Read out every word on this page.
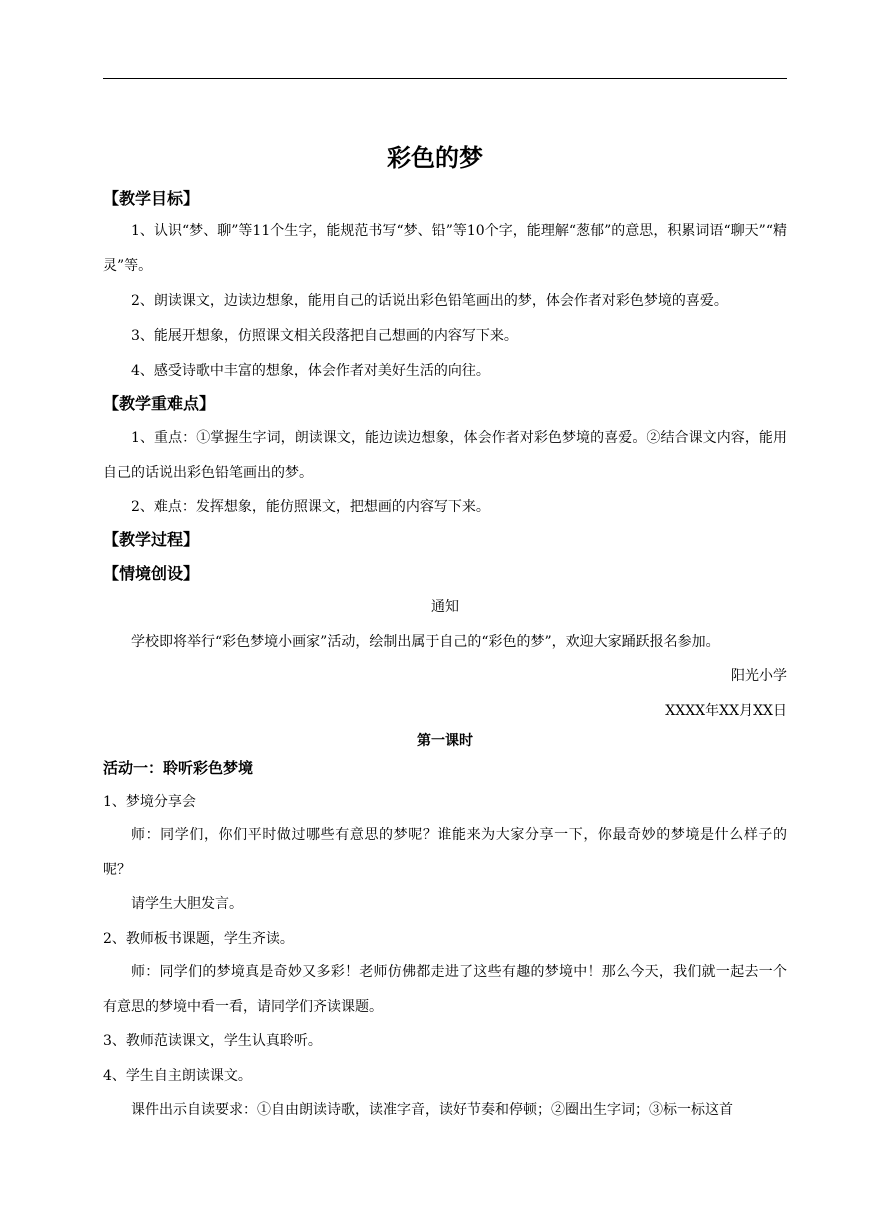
彩色的梦
【教学目标】
1、认识“梦、聊”等11个生字，能规范书写“梦、铅”等10个字，能理解“葱郁”的意思，积累词语“聊天”“精灵”等。
2、朗读课文，边读边想象，能用自己的话说出彩色铅笔画出的梦，体会作者对彩色梦境的喜爱。
3、能展开想象，仿照课文相关段落把自己想画的内容写下来。
4、感受诗歌中丰富的想象，体会作者对美好生活的向往。
【教学重难点】
1、重点：①掌握生字词，朗读课文，能边读边想象，体会作者对彩色梦境的喜爱。②结合课文内容，能用自己的话说出彩色铅笔画出的梦。
2、难点：发挥想象，能仿照课文，把想画的内容写下来。
【教学过程】
【情境创设】
通知
学校即将举行“彩色梦境小画家”活动，绘制出属于自己的“彩色的梦”，欢迎大家踊跃报名参加。
阳光小学
XXXX年XX月XX日
第一课时
活动一：聆听彩色梦境
1、梦境分享会
师：同学们，你们平时做过哪些有意思的梦呢？谁能来为大家分享一下，你最奇妙的梦境是什么样子的呢？
请学生大胆发言。
2、教师板书课题，学生齐读。
师：同学们的梦境真是奇妙又多彩！老师仿佛都走进了这些有趣的梦境中！那么今天，我们就一起去一个有意思的梦境中看一看，请同学们齐读课题。
3、教师范读课文，学生认真聆听。
4、学生自主朗读课文。
课件出示自读要求：①自由朗读诗歌，读准字音，读好节奏和停顿；②圈出生字词；③标一标这首
